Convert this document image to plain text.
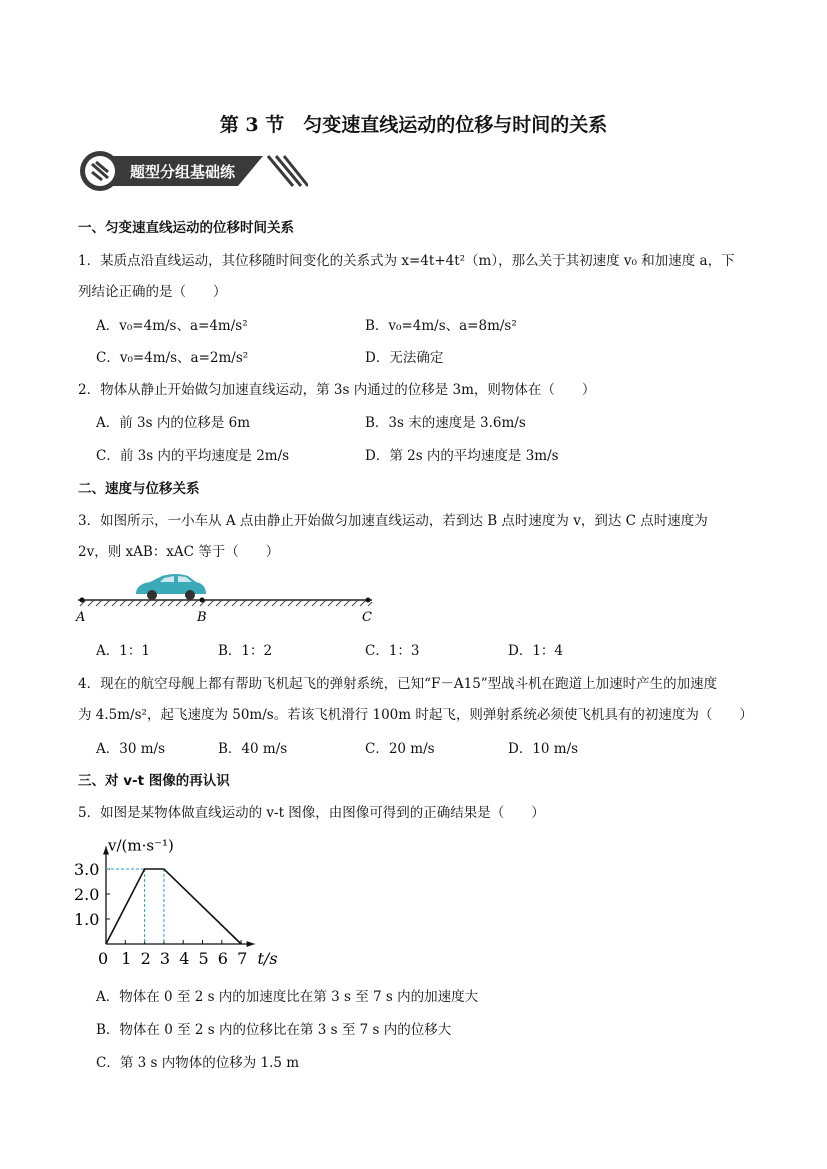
第 3 节　匀变速直线运动的位移与时间的关系
题型分组基础练
一、匀变速直线运动的位移时间关系
1．某质点沿直线运动，其位移随时间变化的关系式为 x=4t+4t²（m），那么关于其初速度 v₀ 和加速度 a，下
列结论正确的是（　　）
A．v₀=4m/s、a=4m/s²	B．v₀=4m/s、a=8m/s²
C．v₀=4m/s、a=2m/s²	D．无法确定
2．物体从静止开始做匀加速直线运动，第 3s 内通过的位移是 3m，则物体在（　　）
A．前 3s 内的位移是 6m	B．3s 末的速度是 3.6m/s
C．前 3s 内的平均速度是 2m/s	D．第 2s 内的平均速度是 3m/s
二、速度与位移关系
3．如图所示，一小车从 A 点由静止开始做匀加速直线运动，若到达 B 点时速度为 v，到达 C 点时速度为
2v，则 xAB：xAC 等于（　　）
A	B	C
A．1：1	B．1：2	C．1：3	D．1：4
4．现在的航空母舰上都有帮助飞机起飞的弹射系统，已知“F－A15”型战斗机在跑道上加速时产生的加速度
为 4.5m/s²，起飞速度为 50m/s。若该飞机滑行 100m 时起飞，则弹射系统必须使飞机具有的初速度为（　　）
A．30 m/s	B．40 m/s	C．20 m/s	D．10 m/s
三、对 v-t 图像的再认识
5．如图是某物体做直线运动的 v-t 图像，由图像可得到的正确结果是（　　）
0 1 2 3 4 5 6 7
1.0
2.0
3.0
t/s
v/(m·s⁻¹)
A．物体在 0 至 2 s 内的加速度比在第 3 s 至 7 s 内的加速度大
B．物体在 0 至 2 s 内的位移比在第 3 s 至 7 s 内的位移大
C．第 3 s 内物体的位移为 1.5 m
